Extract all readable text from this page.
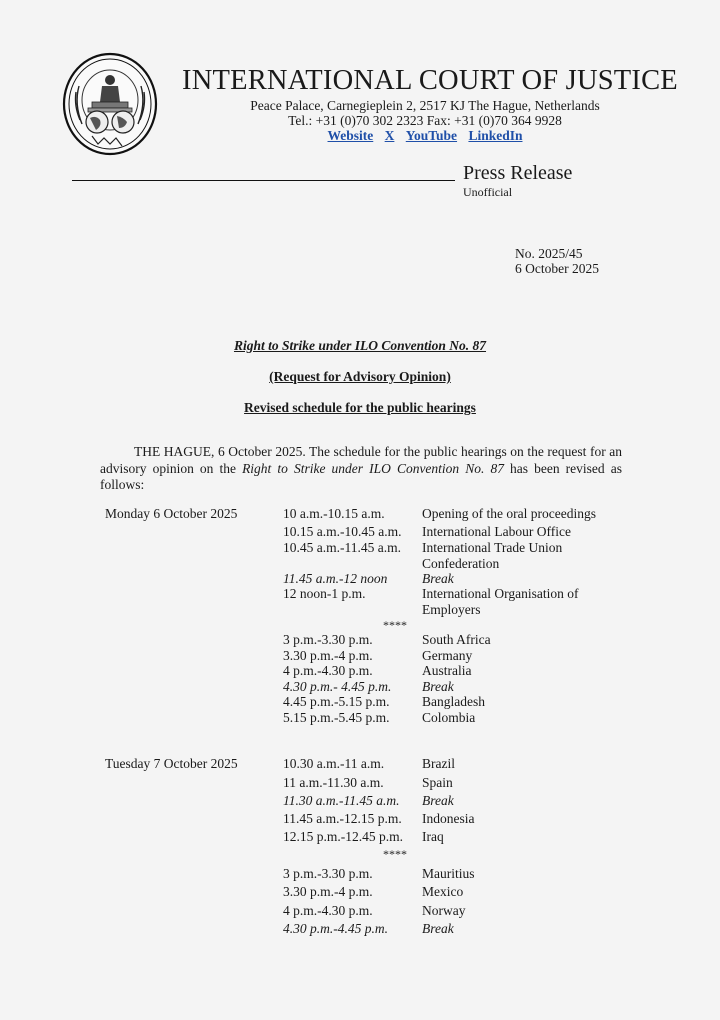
INTERNATIONAL COURT OF JUSTICE
Peace Palace, Carnegieplein 2, 2517 KJ The Hague, Netherlands
Tel.: +31 (0)70 302 2323 Fax: +31 (0)70 364 9928
Website X YouTube LinkedIn
Press Release
Unofficial
No. 2025/45
6 October 2025
Right to Strike under ILO Convention No. 87
(Request for Advisory Opinion)
Revised schedule for the public hearings
THE HAGUE, 6 October 2025. The schedule for the public hearings on the request for an advisory opinion on the Right to Strike under ILO Convention No. 87 has been revised as follows:
Monday 6 October 2025	10 a.m.-10.15 a.m.	Opening of the oral proceedings
10.15 a.m.-10.45 a.m.	International Labour Office
10.45 a.m.-11.45 a.m.	International Trade Union Confederation
11.45 a.m.-12 noon	Break
12 noon-1 p.m.	International Organisation of Employers
****
3 p.m.-3.30 p.m.	South Africa
3.30 p.m.-4 p.m.	Germany
4 p.m.-4.30 p.m.	Australia
4.30 p.m.- 4.45 p.m.	Break
4.45 p.m.-5.15 p.m.	Bangladesh
5.15 p.m.-5.45 p.m.	Colombia
Tuesday 7 October 2025	10.30 a.m.-11 a.m.	Brazil
11 a.m.-11.30 a.m.	Spain
11.30 a.m.-11.45 a.m.	Break
11.45 a.m.-12.15 p.m.	Indonesia
12.15 p.m.-12.45 p.m.	Iraq
****
3 p.m.-3.30 p.m.	Mauritius
3.30 p.m.-4 p.m.	Mexico
4 p.m.-4.30 p.m.	Norway
4.30 p.m.-4.45 p.m.	Break
